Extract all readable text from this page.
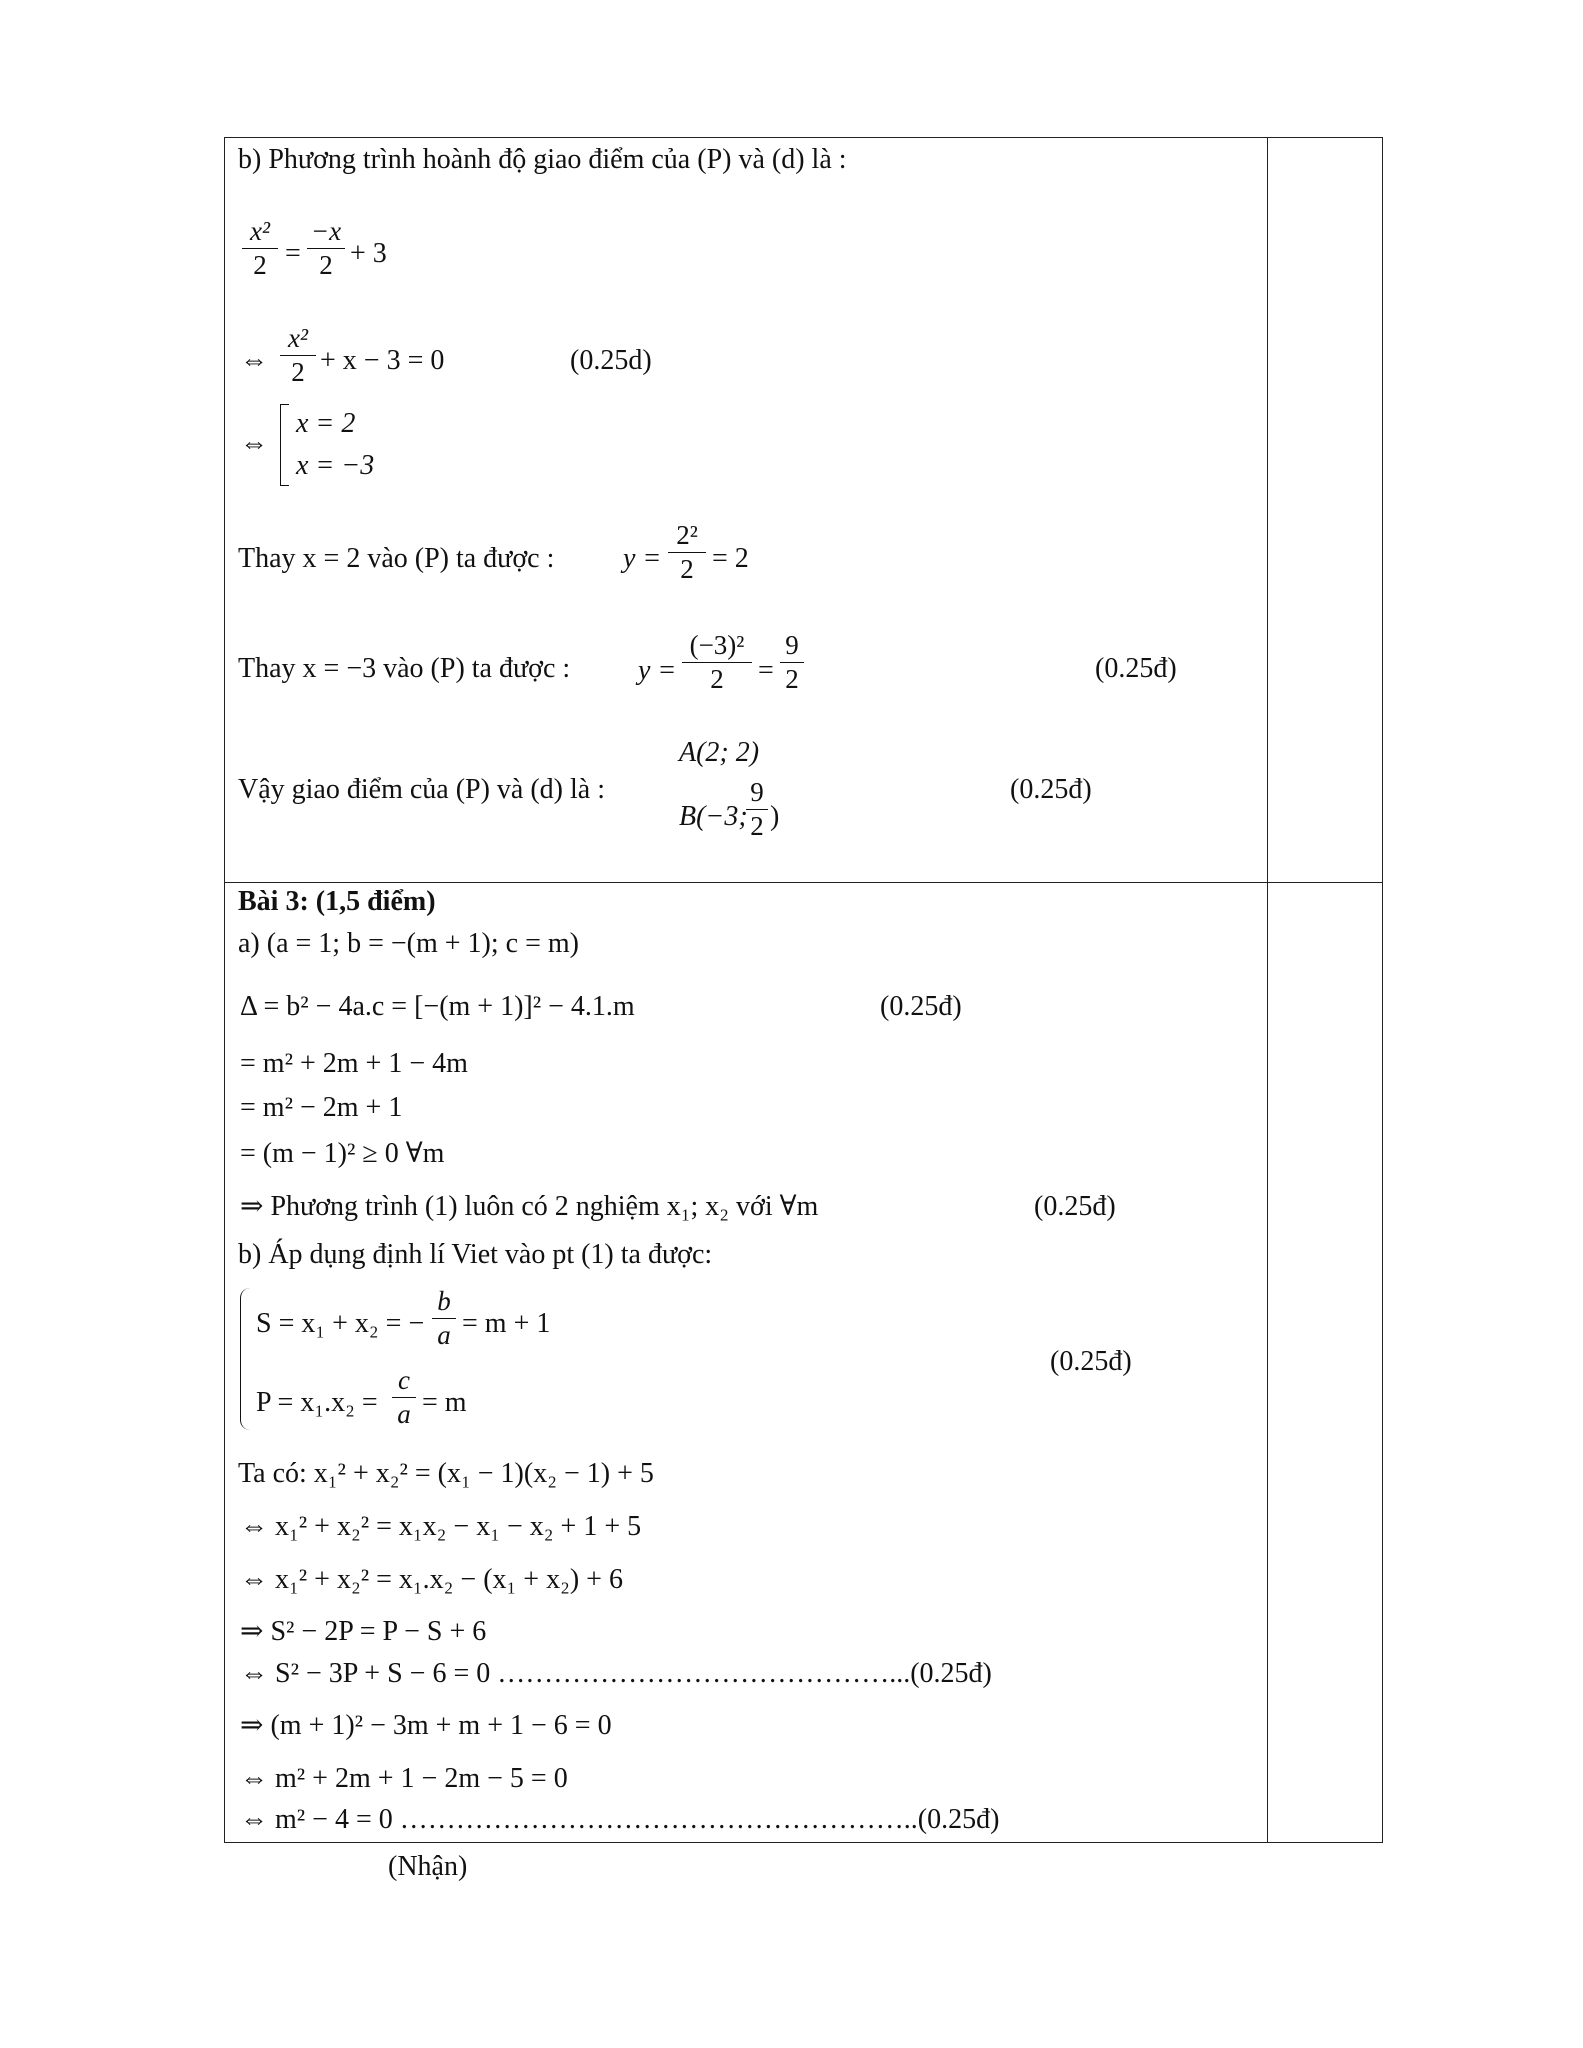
b) Phương trình hoành độ giao điểm của (P) và (d) là :
x²
2 =
−x
2 + 3
⇔
x²
2 + x − 3 = 0	(0.25d)
⇔
x = 2
x = −3
Thay x = 2 vào (P) ta được : y =
2²
2 = 2
Thay x = −3 vào (P) ta được : y =
(−3)²
2	=
9
2	(0.25đ)
Vậy giao điểm của (P) và (d) là :
A(2; 2)
B(−3;
9
2 )
(0.25đ)
Bài 3: (1,5 điểm)
a) (a = 1; b = −(m + 1); c = m)
Δ = b² − 4a.c = [−(m + 1)]² − 4.1.m	(0.25đ)
= m² + 2m + 1 − 4m
= m² − 2m + 1
= (m − 1)² ≥ 0 ∀m
⇒ Phương trình (1) luôn có 2 nghiệm x₁; x₂ với ∀m	(0.25đ)
b) Áp dụng định lí Viet vào pt (1) ta được:
S = x₁ + x₂ = −
b
a = m + 1
P = x₁.x₂ =
c
a = m
(0.25đ)
Ta có: x₁² + x₂² = (x₁ − 1)(x₂ − 1) + 5
⇔ x₁² + x₂² = x₁x₂ − x₁ − x₂ + 1 + 5
⇔ x₁² + x₂² = x₁.x₂ − (x₁ + x₂) + 6
⇒ S² − 2P = P − S + 6
⇔ S² − 3P + S − 6 = 0 ……………………………………...(0.25đ)
⇒ (m + 1)² − 3m + m + 1 − 6 = 0
⇔ m² + 2m + 1 − 2m − 5 = 0
⇔ m² − 4 = 0 ………………………………………………..(0.25đ)
(Nhận)
